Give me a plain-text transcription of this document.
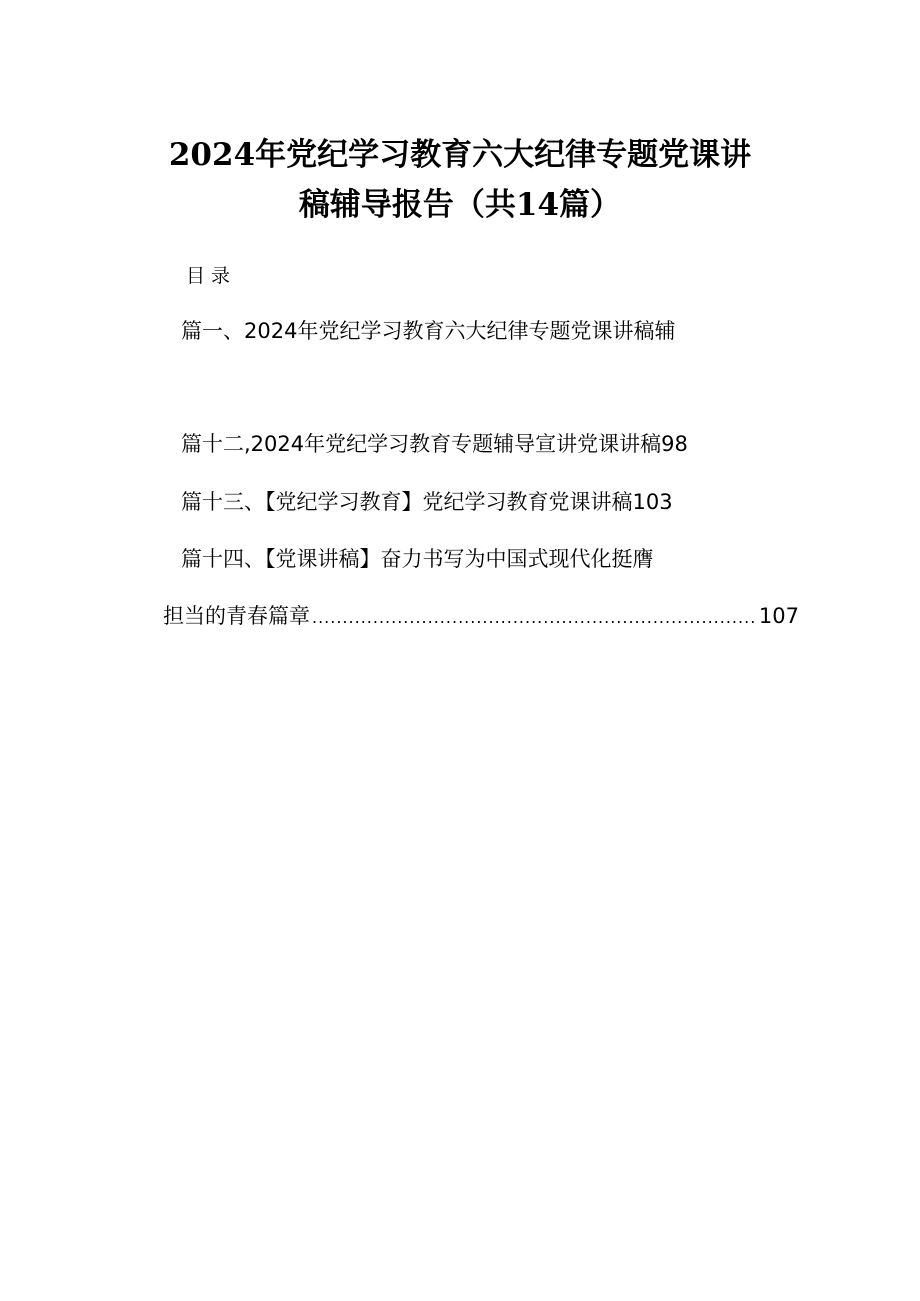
2024年党纪学习教育六大纪律专题党课讲
稿辅导报告（共14篇）
目录
篇一、2024年党纪学习教育六大纪律专题党课讲稿辅
篇十二,2024年党纪学习教育专题辅导宣讲党课讲稿98
篇十三、【党纪学习教育】党纪学习教育党课讲稿103
篇十四、【党课讲稿】奋力书写为中国式现代化挺膺
担当的青春篇章 .....	107
